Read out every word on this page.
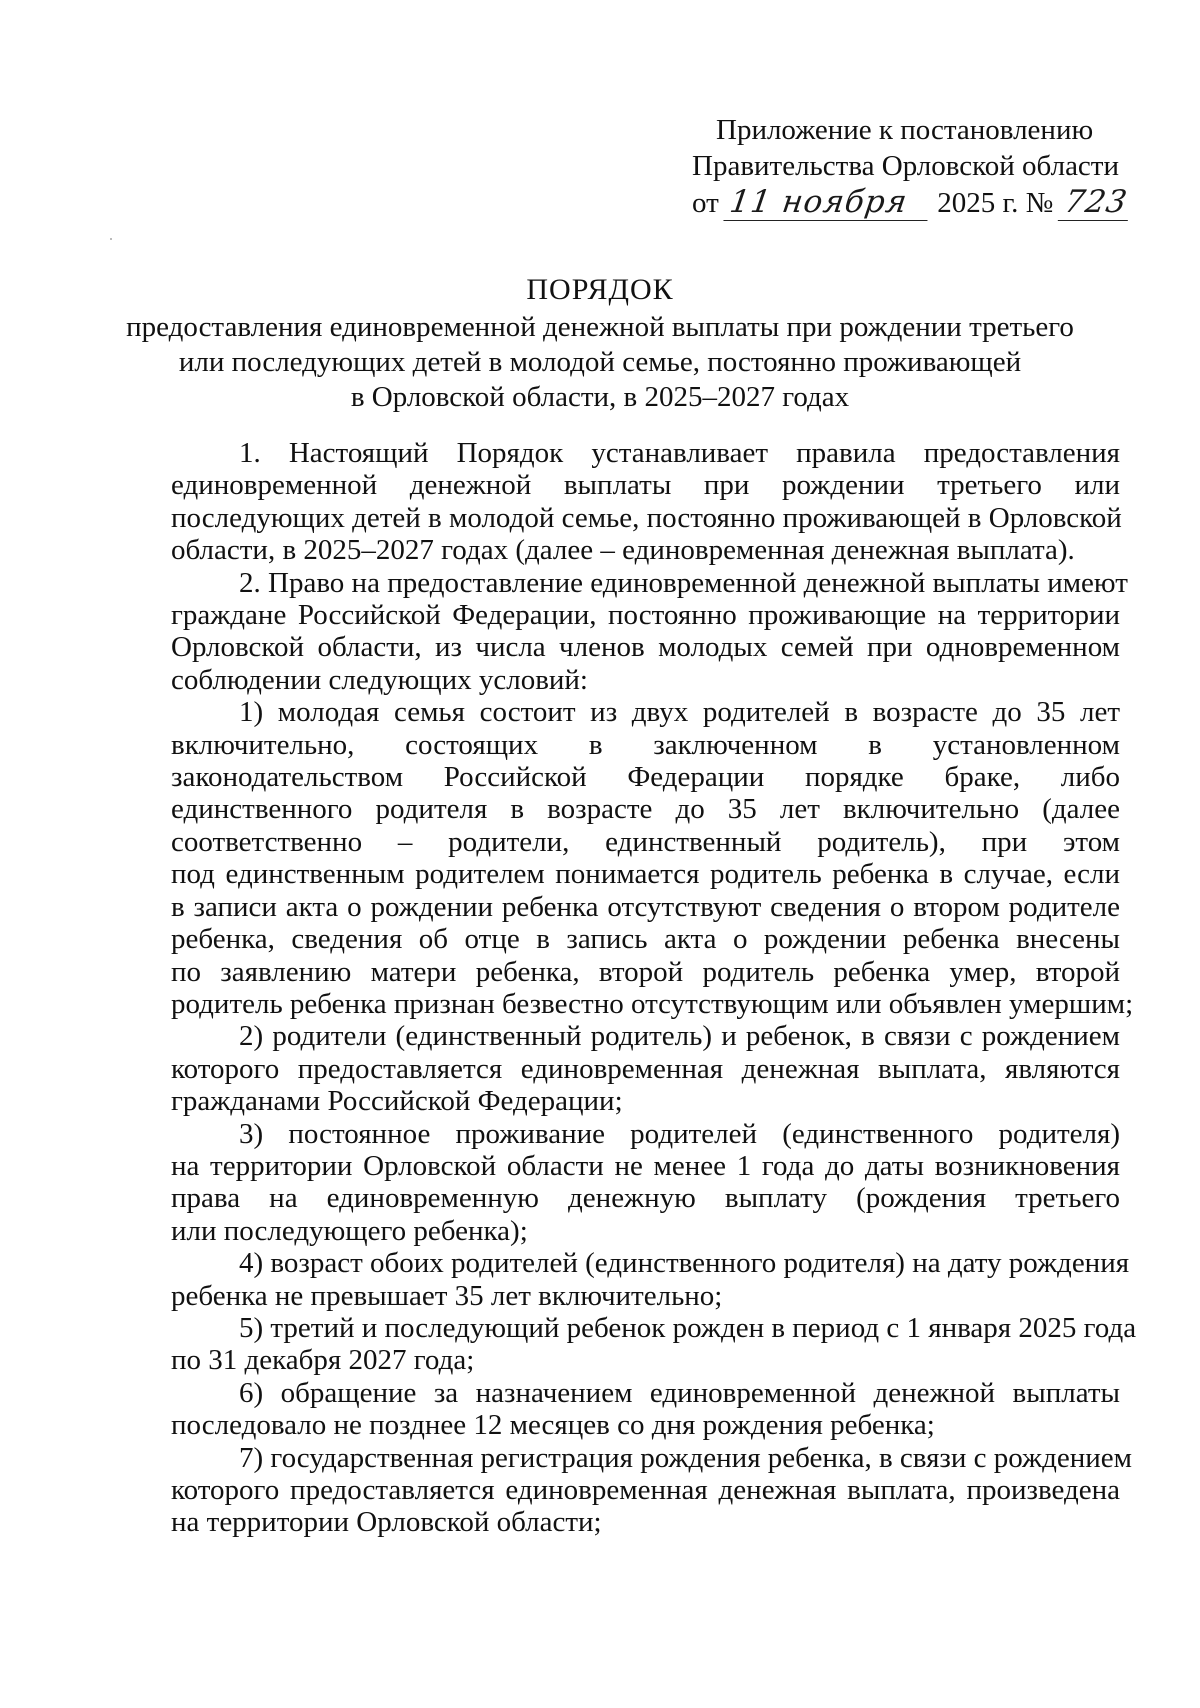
Приложение к постановлению
Правительства Орловской области
от 11 ноября 2025 г. № 723
ПОРЯДОК
предоставления единовременной денежной выплаты при рождении третьего
или последующих детей в молодой семье, постоянно проживающей
в Орловской области, в 2025–2027 годах
1. Настоящий Порядок устанавливает правила предоставления
единовременной денежной выплаты при рождении третьего или
последующих детей в молодой семье, постоянно проживающей в Орловской
области, в 2025–2027 годах (далее – единовременная денежная выплата).
2. Право на предоставление единовременной денежной выплаты имеют
граждане Российской Федерации, постоянно проживающие на территории
Орловской области, из числа членов молодых семей при одновременном
соблюдении следующих условий:
1) молодая семья состоит из двух родителей в возрасте до 35 лет
включительно, состоящих в заключенном в установленном
законодательством Российской Федерации порядке браке, либо
единственного родителя в возрасте до 35 лет включительно (далее
соответственно – родители, единственный родитель), при этом
под единственным родителем понимается родитель ребенка в случае, если
в записи акта о рождении ребенка отсутствуют сведения о втором родителе
ребенка, сведения об отце в запись акта о рождении ребенка внесены
по заявлению матери ребенка, второй родитель ребенка умер, второй
родитель ребенка признан безвестно отсутствующим или объявлен умершим;
2) родители (единственный родитель) и ребенок, в связи с рождением
которого предоставляется единовременная денежная выплата, являются
гражданами Российской Федерации;
3) постоянное проживание родителей (единственного родителя)
на территории Орловской области не менее 1 года до даты возникновения
права на единовременную денежную выплату (рождения третьего
или последующего ребенка);
4) возраст обоих родителей (единственного родителя) на дату рождения
ребенка не превышает 35 лет включительно;
5) третий и последующий ребенок рожден в период с 1 января 2025 года
по 31 декабря 2027 года;
6) обращение за назначением единовременной денежной выплаты
последовало не позднее 12 месяцев со дня рождения ребенка;
7) государственная регистрация рождения ребенка, в связи с рождением
которого предоставляется единовременная денежная выплата, произведена
на территории Орловской области;
